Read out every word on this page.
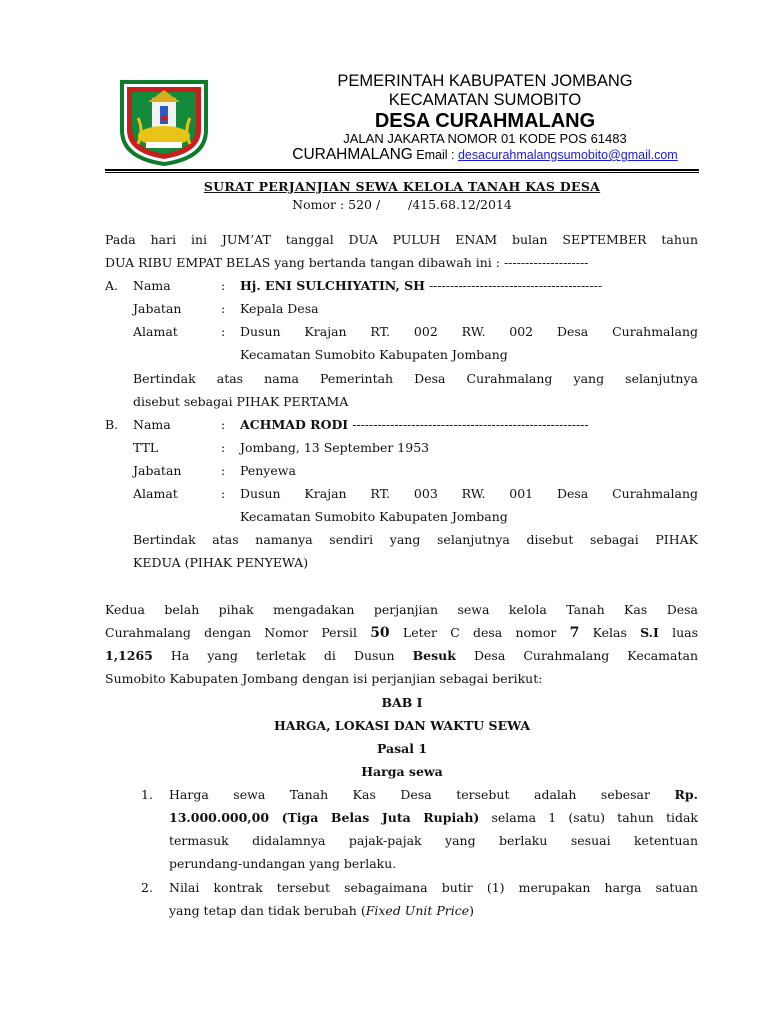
PEMERINTAH KABUPATEN JOMBANG
KECAMATAN SUMOBITO
DESA CURAHMALANG
JALAN JAKARTA NOMOR 01 KODE POS 61483
CURAHMALANG Email : desacurahmalangsumobito@gmail.com
SURAT PERJANJIAN SEWA KELOLA TANAH KAS DESA
Nomor : 520 /       /415.68.12/2014
Pada hari ini JUM’AT tanggal DUA PULUH ENAM bulan SEPTEMBER tahun
DUA RIBU EMPAT BELAS yang bertanda tangan dibawah ini : --------------------
A. Nama	: Hj. ENI SULCHIYATIN, SH -----------------------------------------
Jabatan	: Kepala Desa
Alamat	: Dusun Krajan RT. 002 RW. 002 Desa Curahmalang
Kecamatan Sumobito Kabupaten Jombang
Bertindak atas nama Pemerintah Desa Curahmalang yang selanjutnya
disebut sebagai PIHAK PERTAMA
B. Nama	: ACHMAD RODI --------------------------------------------------------
TTL	: Jombang, 13 September 1953
Jabatan	: Penyewa
Alamat	: Dusun Krajan RT. 003 RW. 001 Desa Curahmalang
Kecamatan Sumobito Kabupaten Jombang
Bertindak atas namanya sendiri yang selanjutnya disebut sebagai PIHAK
KEDUA (PIHAK PENYEWA)
Kedua belah pihak mengadakan perjanjian sewa kelola Tanah Kas Desa
Curahmalang dengan Nomor Persil 50 Leter C desa nomor 7 Kelas S.I luas
1,1265 Ha yang terletak di Dusun Besuk Desa Curahmalang Kecamatan
Sumobito Kabupaten Jombang dengan isi perjanjian sebagai berikut:
BAB I
HARGA, LOKASI DAN WAKTU SEWA
Pasal 1
Harga sewa
1. Harga sewa Tanah Kas Desa tersebut adalah sebesar Rp.
13.000.000,00 (Tiga Belas Juta Rupiah) selama 1 (satu) tahun tidak
termasuk didalamnya pajak-pajak yang berlaku sesuai ketentuan
perundang-undangan yang berlaku.
2. Nilai kontrak tersebut sebagaimana butir (1) merupakan harga satuan
yang tetap dan tidak berubah (Fixed Unit Price)
